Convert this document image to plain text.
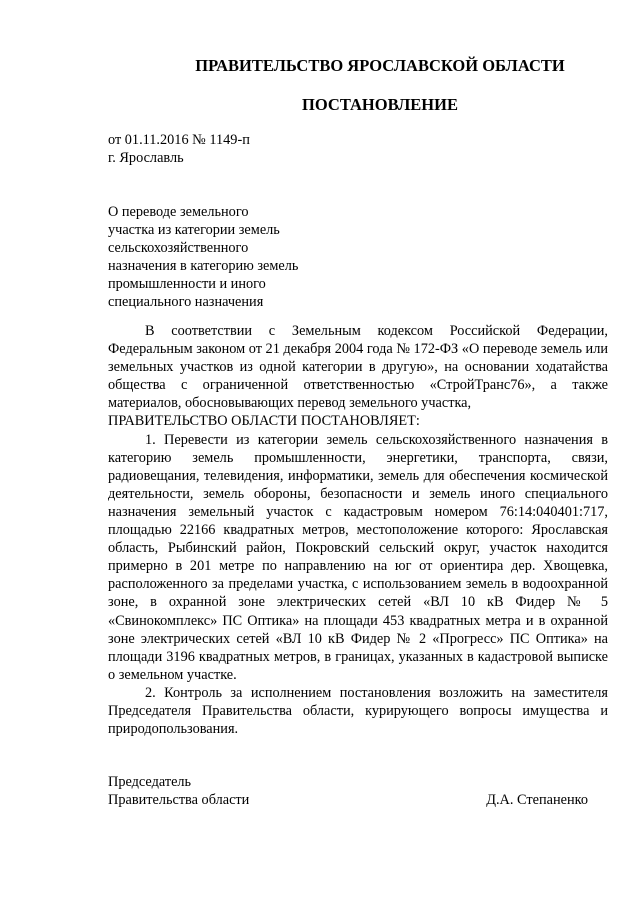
ПРАВИТЕЛЬСТВО ЯРОСЛАВСКОЙ ОБЛАСТИ
ПОСТАНОВЛЕНИЕ
от 01.11.2016 № 1149-п
г. Ярославль
О переводе земельного
участка из категории земель
сельскохозяйственного
назначения в категорию земель
промышленности и иного
специального назначения

В соответствии с Земельным кодексом Российской Федерации, Федеральным законом от 21 декабря 2004 года № 172-ФЗ «О переводе земель или земельных участков из одной категории в другую», на основании ходатайства общества с ограниченной ответственностью «СтройТранс76», а также материалов, обосновывающих перевод земельного участка,

ПРАВИТЕЛЬСТВО ОБЛАСТИ ПОСТАНОВЛЯЕТ:

1. Перевести из категории земель сельскохозяйственного назначения в категорию земель промышленности, энергетики, транспорта, связи, радиовещания, телевидения, информатики, земель для обеспечения космической деятельности, земель обороны, безопасности и земель иного специального назначения земельный участок с кадастровым номером 76:14:040401:717, площадью 22166 квадратных метров, местоположение которого: Ярославская область, Рыбинский район, Покровский сельский округ, участок находится примерно в 201 метре по направлению на юг от ориентира дер. Хвощевка, расположенного за пределами участка, с использованием земель в водоохранной зоне, в охранной зоне электрических сетей «ВЛ 10 кВ Фидер № 5 «Свинокомплекс» ПС Оптика» на площади 453 квадратных метра и в охранной зоне электрических сетей «ВЛ 10 кВ Фидер № 2 «Прогресс» ПС Оптика» на площади 3196 квадратных метров, в границах, указанных в кадастровой выписке о земельном участке.

2. Контроль за исполнением постановления возложить на заместителя Председателя Правительства области, курирующего вопросы имущества и природопользования.

Председатель
Правительства области	Д.А. Степаненко
